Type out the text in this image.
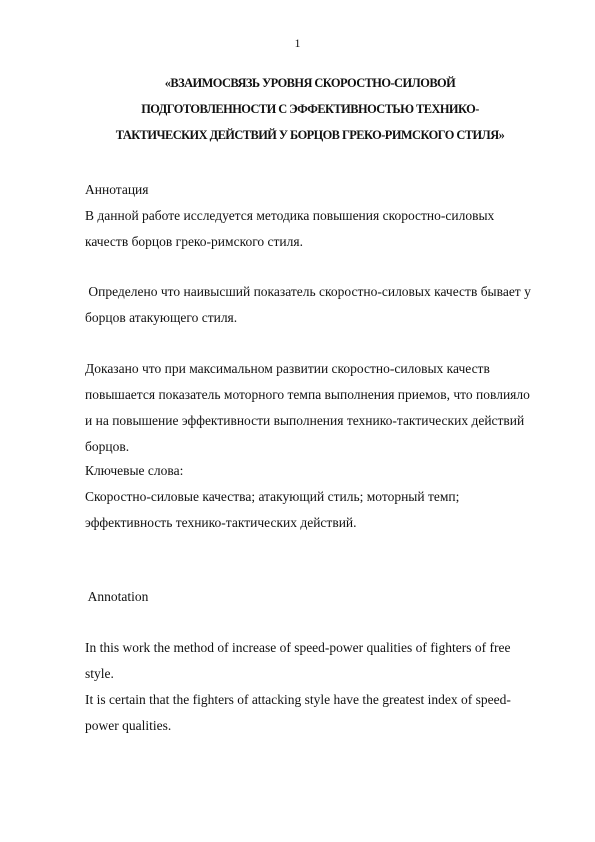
1
«ВЗАИМОСВЯЗЬ УРОВНЯ СКОРОСТНО-СИЛОВОЙ
ПОДГОТОВЛЕННОСТИ С ЭФФЕКТИВНОСТЬЮ ТЕХНИКО-
ТАКТИЧЕСКИХ ДЕЙСТВИЙ У БОРЦОВ ГРЕКО-РИМСКОГО СТИЛЯ»
Аннотация
В данной работе исследуется методика повышения скоростно-силовых
качеств борцов греко-римского стиля.
Определено что наивысший показатель скоростно-силовых качеств бывает у
борцов атакующего стиля.
Доказано что при максимальном развитии скоростно-силовых качеств
повышается показатель моторного темпа выполнения приемов, что повлияло
и на повышение эффективности выполнения технико-тактических действий
борцов.
Ключевые слова:
Скоростно-силовые качества; атакующий стиль; моторный темп;
эффективность технико-тактических действий.
Annotation
In this work the method of increase of speed-power qualities of fighters of free
style.
It is certain that the fighters of attacking style have the greatest index of speed-
power qualities.
